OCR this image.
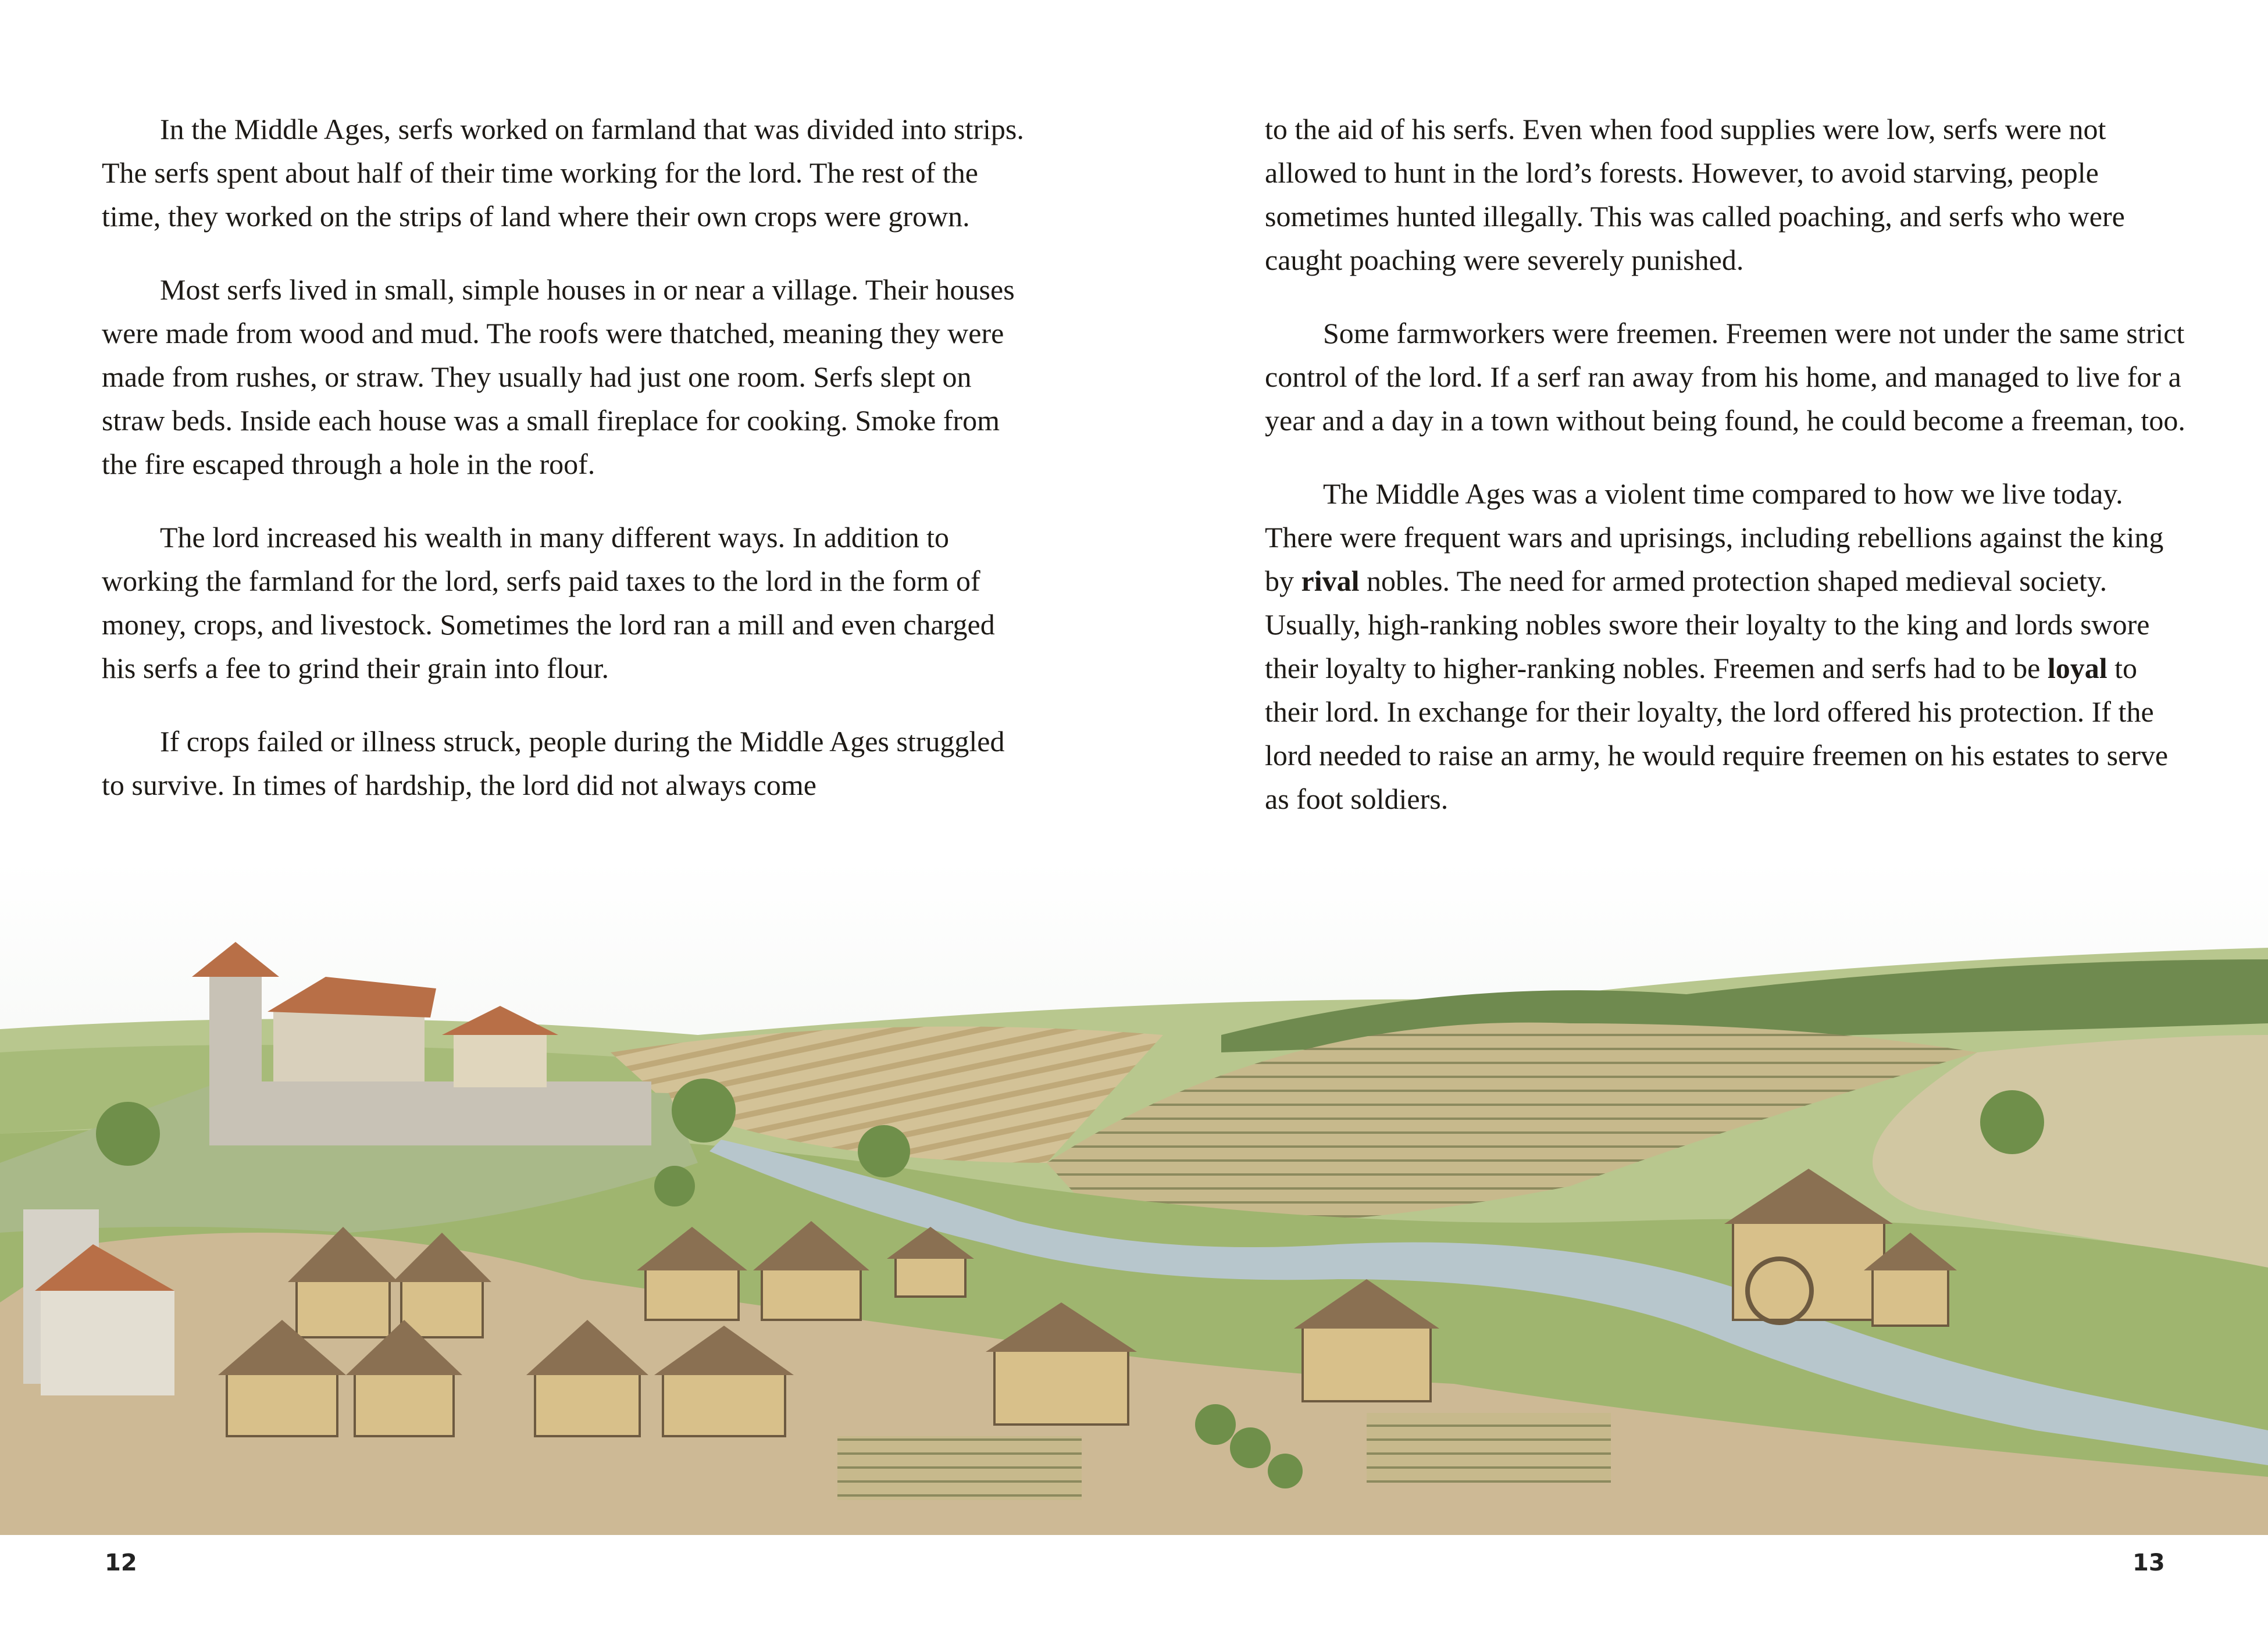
In the Middle Ages, serfs worked on farmland that was divided into strips. The serfs spent about half of their time working for the lord. The rest of the time, they worked on the strips of land where their own crops were grown.

Most serfs lived in small, simple houses in or near a village. Their houses were made from wood and mud. The roofs were thatched, meaning they were made from rushes, or straw. They usually had just one room. Serfs slept on straw beds. Inside each house was a small fireplace for cooking. Smoke from the fire escaped through a hole in the roof.

The lord increased his wealth in many different ways. In addition to working the farmland for the lord, serfs paid taxes to the lord in the form of money, crops, and livestock. Sometimes the lord ran a mill and even charged his serfs a fee to grind their grain into flour.

If crops failed or illness struck, people during the Middle Ages struggled to survive. In times of hardship, the lord did not always come

to the aid of his serfs. Even when food supplies were low, serfs were not allowed to hunt in the lord’s forests. However, to avoid starving, people sometimes hunted illegally. This was called poaching, and serfs who were caught poaching were severely punished.

Some farmworkers were freemen. Freemen were not under the same strict control of the lord. If a serf ran away from his home, and managed to live for a year and a day in a town without being found, he could become a freeman, too.

The Middle Ages was a violent time compared to how we live today. There were frequent wars and uprisings, including rebellions against the king by rival nobles. The need for armed protection shaped medieval society. Usually, high-ranking nobles swore their loyalty to the king and lords swore their loyalty to higher-ranking nobles. Freemen and serfs had to be loyal to their lord. In exchange for their loyalty, the lord offered his protection. If the lord needed to raise an army, he would require freemen on his estates to serve as foot soldiers.

12	13
